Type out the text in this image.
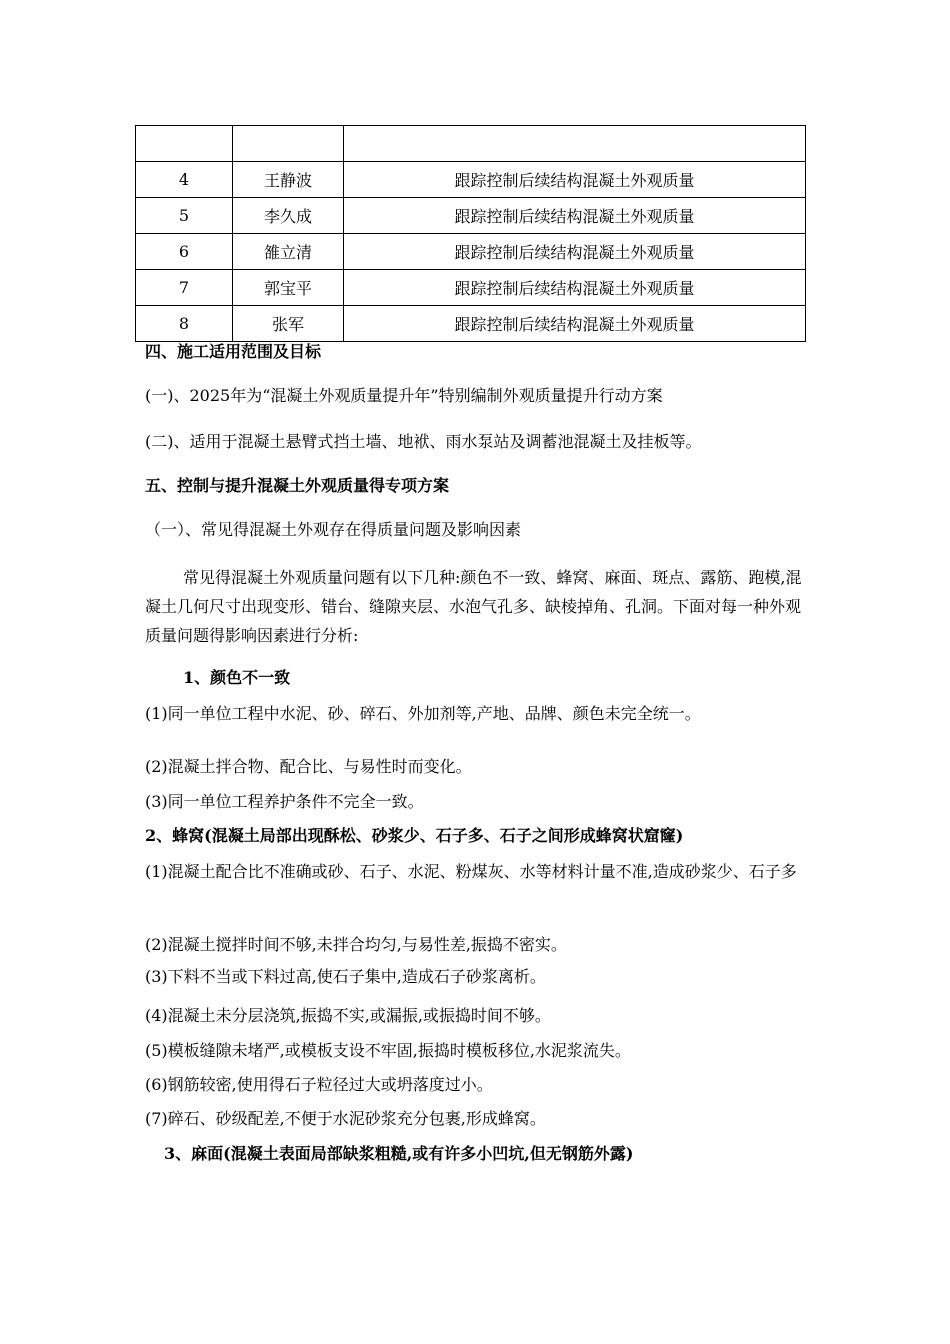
4	王静波	跟踪控制后续结构混凝土外观质量
5	李久成	跟踪控制后续结构混凝土外观质量
6	雒立清	跟踪控制后续结构混凝土外观质量
7	郭宝平	跟踪控制后续结构混凝土外观质量
8	张军	跟踪控制后续结构混凝土外观质量
四、施工适用范围及目标
(一)、2025年为“混凝土外观质量提升年”特别编制外观质量提升行动方案
(二)、适用于混凝土悬臂式挡土墙、地袱、雨水泵站及调蓄池混凝土及挂板等。
五、控制与提升混凝土外观质量得专项方案
（一）、常见得混凝土外观存在得质量问题及影响因素
常见得混凝土外观质量问题有以下几种:颜色不一致、蜂窝、麻面、斑点、露筋、跑模,混凝土几何尺寸出现变形、错台、缝隙夹层、水泡气孔多、缺棱掉角、孔洞。下面对每一种外观质量问题得影响因素进行分析:
1、颜色不一致
(1)同一单位工程中水泥、砂、碎石、外加剂等,产地、品牌、颜色未完全统一。
(2)混凝土拌合物、配合比、与易性时而变化。
(3)同一单位工程养护条件不完全一致。
2、蜂窝(混凝土局部出现酥松、砂浆少、石子多、石子之间形成蜂窝状窟窿)
(1)混凝土配合比不准确或砂、石子、水泥、粉煤灰、水等材料计量不准,造成砂浆少、石子多
(2)混凝土搅拌时间不够,未拌合均匀,与易性差,振捣不密实。
(3)下料不当或下料过高,使石子集中,造成石子砂浆离析。
(4)混凝土未分层浇筑,振捣不实,或漏振,或振捣时间不够。
(5)模板缝隙未堵严,或模板支设不牢固,振捣时模板移位,水泥浆流失。
(6)钢筋较密,使用得石子粒径过大或坍落度过小。
(7)碎石、砂级配差,不便于水泥砂浆充分包裹,形成蜂窝。
3、麻面(混凝土表面局部缺浆粗糙,或有许多小凹坑,但无钢筋外露)
